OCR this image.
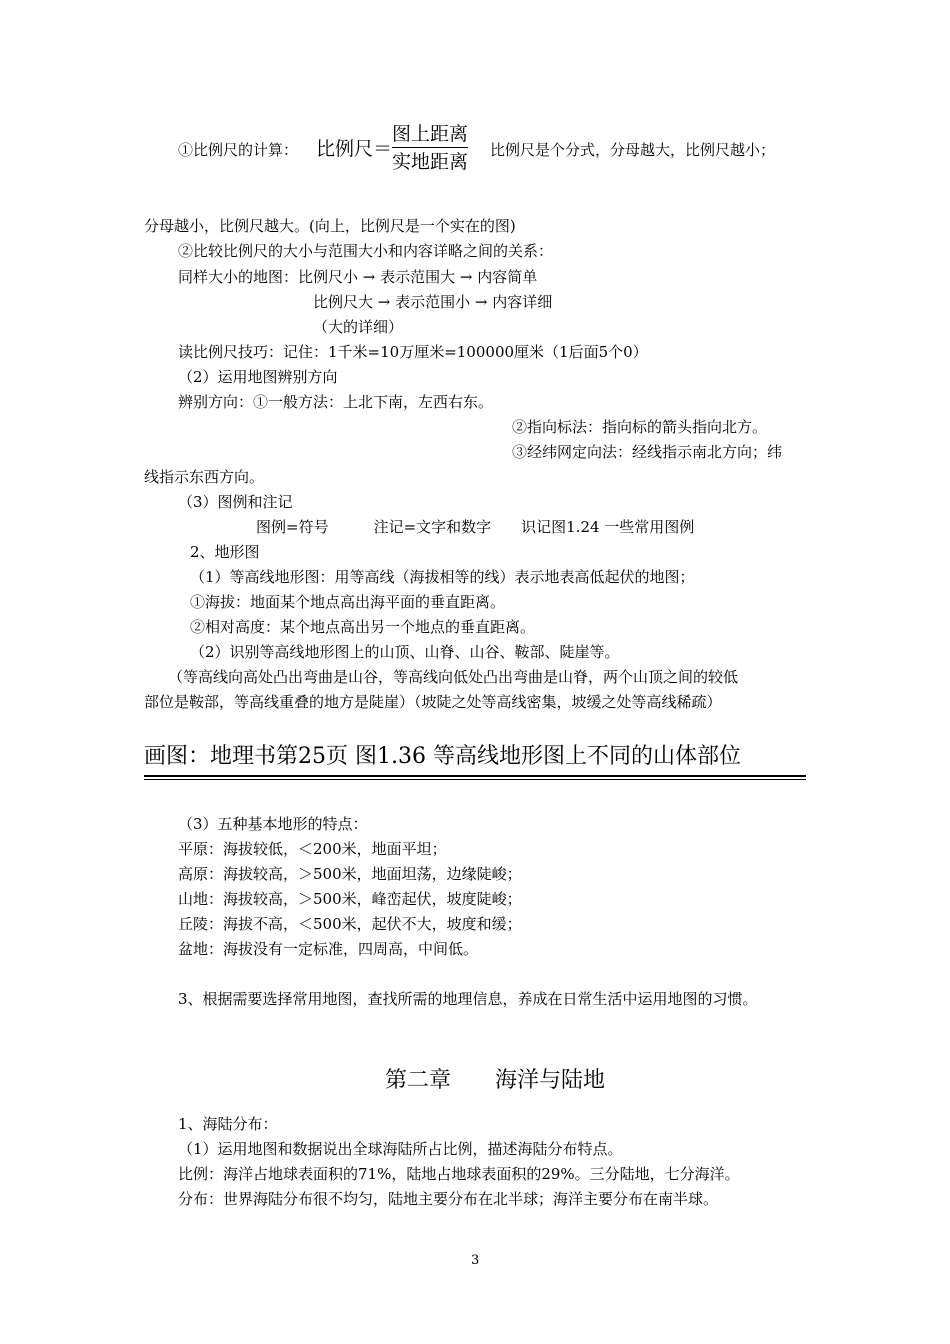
①比例尺的计算： 比例尺＝
图上距离
实地距离
比例尺是个分式，分母越大，比例尺越小；
分母越小，比例尺越大。(向上，比例尺是一个实在的图)
②比较比例尺的大小与范围大小和内容详略之间的关系：
同样大小的地图：比例尺小 → 表示范围大 → 内容简单
比例尺大 → 表示范围小 → 内容详细
（大的详细）
读比例尺技巧：记住：1千米=10万厘米=100000厘米（1后面5个0）
（2）运用地图辨别方向
辨别方向：①一般方法：上北下南，左西右东。
②指向标法：指向标的箭头指向北方。
③经纬网定向法：经线指示南北方向；纬
线指示东西方向。
（3）图例和注记
图例=符号　　　注记=文字和数字　　识记图1.24 一些常用图例
2、地形图
（1）等高线地形图：用等高线（海拔相等的线）表示地表高低起伏的地图；
①海拔：地面某个地点高出海平面的垂直距离。
②相对高度：某个地点高出另一个地点的垂直距离。
（2）识别等高线地形图上的山顶、山脊、山谷、鞍部、陡崖等。
（等高线向高处凸出弯曲是山谷，等高线向低处凸出弯曲是山脊，两个山顶之间的较低
部位是鞍部，等高线重叠的地方是陡崖）（坡陡之处等高线密集，坡缓之处等高线稀疏）
画图：地理书第25页 图1.36 等高线地形图上不同的山体部位
（3）五种基本地形的特点：
平原：海拔较低，＜200米，地面平坦；
高原：海拔较高，＞500米，地面坦荡，边缘陡峻；
山地：海拔较高，＞500米，峰峦起伏，坡度陡峻；
丘陵：海拔不高，＜500米，起伏不大，坡度和缓；
盆地：海拔没有一定标准，四周高，中间低。
3、根据需要选择常用地图，查找所需的地理信息，养成在日常生活中运用地图的习惯。
第二章　　海洋与陆地
1、海陆分布：
（1）运用地图和数据说出全球海陆所占比例，描述海陆分布特点。
比例：海洋占地球表面积的71%，陆地占地球表面积的29%。三分陆地，七分海洋。
分布：世界海陆分布很不均匀，陆地主要分布在北半球；海洋主要分布在南半球。
3
